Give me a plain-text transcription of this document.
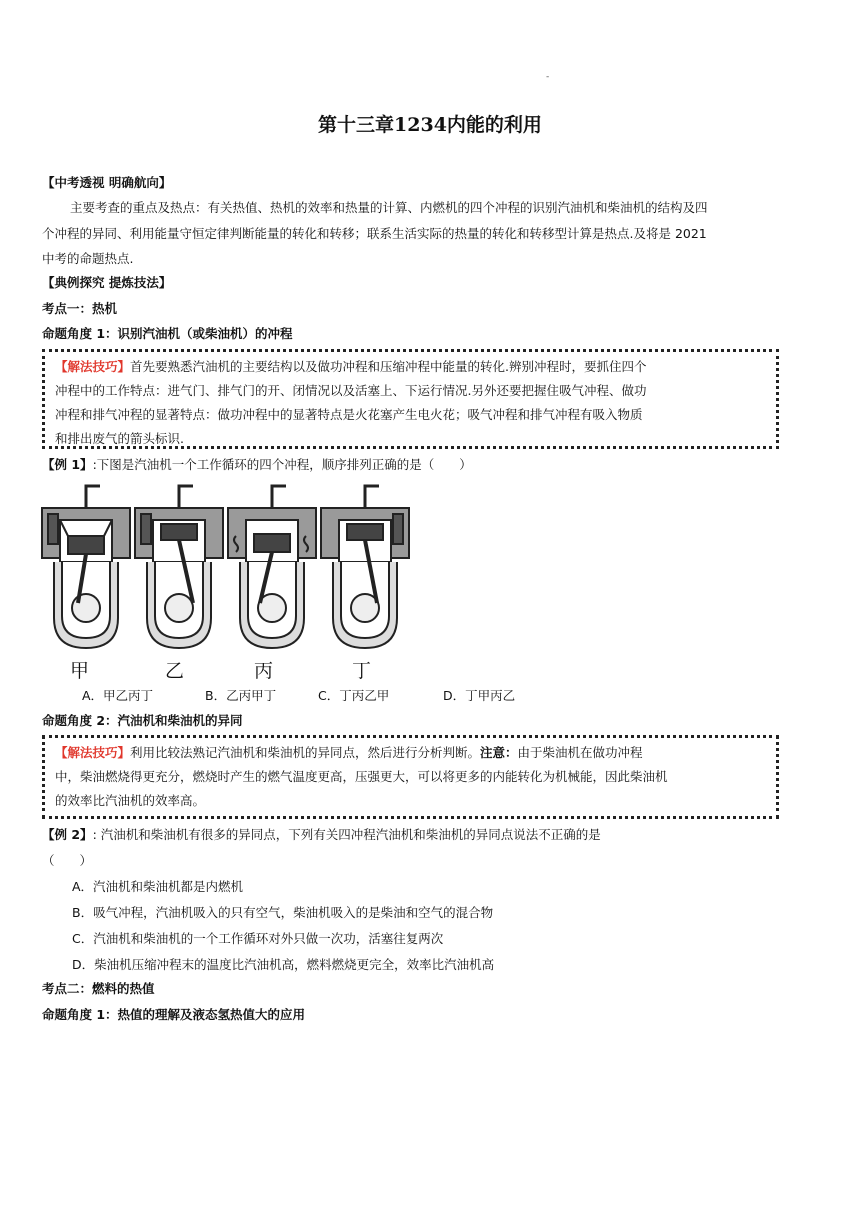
-
第十三章1234内能的利用
【中考透视 明确航向】
主要考查的重点及热点：有关热值、热机的效率和热量的计算、内燃机的四个冲程的识别汽油机和柴油机的结构及四
个冲程的异同、利用能量守恒定律判断能量的转化和转移；联系生活实际的热量的转化和转移型计算是热点.及将是 2021
中考的命题热点.
【典例探究 提炼技法】
考点一：热机
命题角度 1：识别汽油机（或柴油机）的冲程
【解法技巧】首先要熟悉汽油机的主要结构以及做功冲程和压缩冲程中能量的转化.辨别冲程时，要抓住四个
冲程中的工作特点：进气门、排气门的开、闭情况以及活塞上、下运行情况.另外还要把握住吸气冲程、做功
冲程和排气冲程的显著特点：做功冲程中的显著特点是火花塞产生电火花；吸气冲程和排气冲程有吸入物质
和排出废气的箭头标识.
【例 1】:下图是汽油机一个工作循环的四个冲程，顺序排列正确的是（　　）
甲	乙	丙	丁
A．甲乙丙丁	B．乙丙甲丁	C．丁丙乙甲	D．丁甲丙乙
命题角度 2：汽油机和柴油机的异同
【解法技巧】利用比较法熟记汽油机和柴油机的异同点，然后进行分析判断。注意：由于柴油机在做功冲程
中，柴油燃烧得更充分，燃烧时产生的燃气温度更高，压强更大，可以将更多的内能转化为机械能，因此柴油机
的效率比汽油机的效率高。
【例 2】: 汽油机和柴油机有很多的异同点，下列有关四冲程汽油机和柴油机的异同点说法不正确的是
（　　）
A．汽油机和柴油机都是内燃机
B．吸气冲程，汽油机吸入的只有空气，柴油机吸入的是柴油和空气的混合物
C．汽油机和柴油机的一个工作循环对外只做一次功，活塞往复两次
D．柴油机压缩冲程末的温度比汽油机高，燃料燃烧更完全，效率比汽油机高
考点二：燃料的热值
命题角度 1：热值的理解及液态氢热值大的应用
